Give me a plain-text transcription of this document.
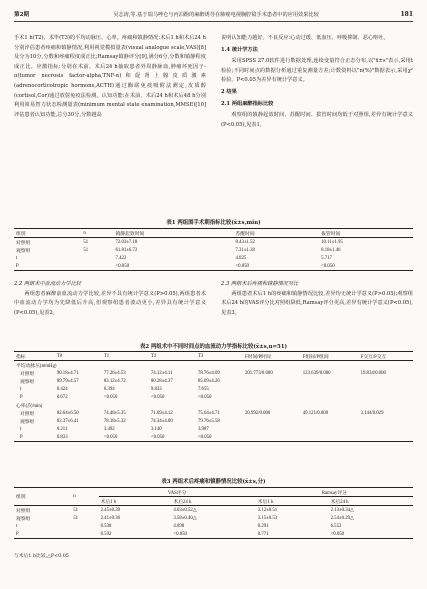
第2期	吴志涛,等.基于瑞马唑仑与丙泊酚的麻醉诱导在肺癌电视胸腔镜手术患者中的应用效果比较	181

手术1 h(T2)、术毕(T3)的平均动脉压、心率。疼痛和镇静情况:术后1 h和术后24 h分别评估患者疼痛和镇静情况,利用视觉模拟量表(visual analogue scale,VAS)[8]及分为10分,分数和疼痛程度成正比;Ramsay镇静评分[9],满分6分,分数和镇静程度成正比。应激指标:分别在术前、术后24 h抽取患者外周静脉血,肿瘤坏死因子-α(tumor necrosis factor-alpha,TNF-α)和促肾上腺皮质激素(adrenocorticotropic hormone,ACTH)通过酶联免疫吸附法测定,皮质醇(cortisol,Cor)通过放射免疫法检测。认知功能:在术前、术后24 h和术后48 h分别利用简易智力状态检测量表(minimum mental state examination,MMSE)[10]评估患者认知功能,总分30分,分数越高

说明认知能力越好。不良反应:心动过缓、低血压、呼吸抑制、恶心呕吐。

1.4 统计学方法

采用SPSS 27.0软件进行数据处理,连续变量符合正态分布,以"x̄±s"表示,采用t检验;不同时间点的数据分析通过重复测量方差;计数资料以"n(%)"数据表示,采用χ²检验。P<0.05为差异有统计学意义。

2 结果

2.1 两组麻醉指标比较

观察组的镇静起效时间、苏醒时间、拔管时间均低于对照组,差异有统计学意义(P<0.05),见表1。

表1 两组围手术期指标比较(x̄±s,min)
组别	n	镇静起效时间	苏醒时间	拔管时间
对照组	51	72.03±7.18	8.43±1.52	10.11±1.95
观察组	51	61.81±6.72	7.31±1.28	8.18±1.46
t		7.422	4.025	5.717
P		<0.050	<0.050	<0.050

2.2 两组术中血流动力学比较

两组患者麻醉前血流动力学比较,差异不具有统计学意义(P>0.05),两组患者术中血流动力学均为先降低后升高,但观察组患者波动更小,差异具有统计学意义(P<0.05),见表2。

2.3 两组术后疼痛和镇静情况对比

两组患者术后1 h的疼痛和镇静情况比较,差异均无统计学意义(P>0.05);观察组术后24 h的VAS评分比对照组降低,Ramsay评分更高,差异有统计学意义(P<0.05),见表3。

表2 两组术中不同时间点的血流动力学指标比较(x̄±s,n=51)
指标	T0	T1	T2	T3	F时间/P时间	F组间/P组间	F交互/P交互
平均动脉压(mmHg)							
对照组	90.18±4.71	77.26±4.53	74.12±4.11	78.76±4.09	201.773/0.000	123.639/0.000	19.834/0.000
观察组	89.79±4.57	83.12±4.72	80.28±4.37	85.09±4.26			
t	0.424	6.394	9.833	7.655			
P	0.672	<0.050	<0.050	<0.050			
心率(次/min)							
对照组	82.64±6.50	74.48±5.35	71.69±4.12	75.64±4.71	20.992/0.000	49.121/0.000	3.144/0.029
观察组	82.37±6.41	78.18±5.32	74.34±4.00	79.76±5.58			
t	0.211	3.492	3.140	3.987			
P	0.833	<0.050	<0.050	<0.050			
表3 两组术后疼痛和镇静情况比较(x̄±s,分)
组别	n	VAS评分		Ramsay评分	
		术后1 h	术后24 h	术后1 h	术后24 h
对照组	51	2.45±0.39	4.03±0.52△	3.12±0.51	2.13±0.34△
观察组	51	2.41±0.36	3.58±0.40△	3.15±0.53	2.54±0.29△
t		0.538	4.898	0.291	6.552
P		0.592	<0.050	0.771	<0.050
与术后1 h比较,△P<0.05
